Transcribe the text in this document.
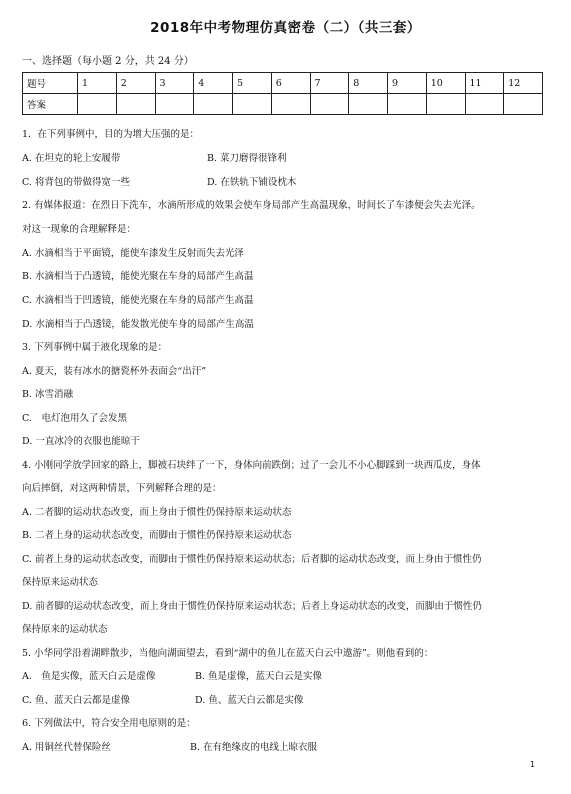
2018年中考物理仿真密卷（二）（共三套）
一、选择题（每小题 2 分，共 24 分）
题号	1	2	3	4	5	6	7	8	9	10	11	12
答案												
1．在下列事例中，目的为增大压强的是：
A. 在坦克的轮上安履带	B. 菜刀磨得很锋利
C. 将背包的带做得宽一些	D. 在铁轨下铺设枕木
2. 有媒体报道：在烈日下洗车，水滴所形成的效果会使车身局部产生高温现象，时间长了车漆便会失去光泽。
对这一现象的合理解释是：
A. 水滴相当于平面镜，能使车漆发生反射而失去光泽
B. 水滴相当于凸透镜，能使光聚在车身的局部产生高温
C. 水滴相当于凹透镜，能使光聚在车身的局部产生高温
D. 水滴相当于凸透镜，能发散光使车身的局部产生高温
3. 下列事例中属于液化现象的是：
A. 夏天，装有冰水的搪瓷杯外表面会“出汗”
B. 冰雪消融
C.　电灯泡用久了会发黑
D. 一直冰冷的衣服也能晾干
4. 小刚同学放学回家的路上，脚被石块绊了一下，身体向前跌倒；过了一会儿不小心脚踩到一块西瓜皮，身体
向后摔倒，对这两种情景，下列解释合理的是：
A. 二者脚的运动状态改变，而上身由于惯性仍保持原来运动状态
B. 二者上身的运动状态改变，而脚由于惯性仍保持原来运动状态
C. 前者上身的运动状态改变，而脚由于惯性仍保持原来运动状态；后者脚的运动状态改变，而上身由于惯性仍
保持原来运动状态
D. 前者脚的运动状态改变，而上身由于惯性仍保持原来运动状态；后者上身运动状态的改变，而脚由于惯性仍
保持原来的运动状态
5. 小华同学沿着湖畔散步，当他向湖面望去，看到“湖中的鱼儿在蓝天白云中遨游”。则他看到的：
A.　鱼是实像，蓝天白云是虚像	B. 鱼是虚像，蓝天白云是实像
C. 鱼、蓝天白云都是虚像	D. 鱼、蓝天白云都是实像
6. 下列做法中，符合安全用电原则的是：
A. 用铜丝代替保险丝	B. 在有绝缘皮的电线上晾衣服
1
